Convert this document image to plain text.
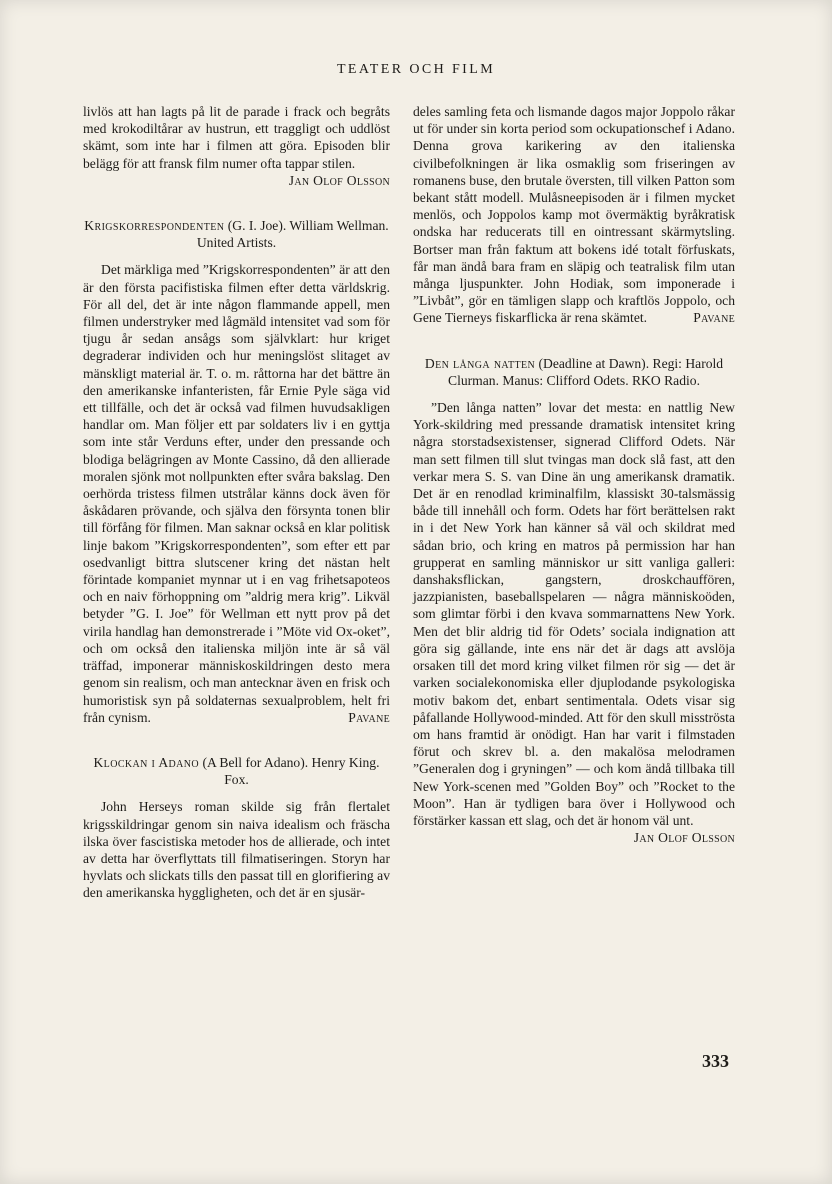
TEATER OCH FILM

livlös att han lagts på lit de parade i frack och begråts med krokodiltårar av hustrun, ett traggligt och uddlöst skämt, som inte har i filmen att göra. Episoden blir belägg för att fransk film numer ofta tappar stilen.

Jan Olof Olsson
Krigskorrespondenten (G. I. Joe). William Wellman. United Artists.

Det märkliga med ”Krigskorrespondenten” är att den är den första pacifistiska filmen efter detta världskrig. För all del, det är inte någon flammande appell, men filmen understryker med lågmäld intensitet vad som för tjugu år sedan ansågs som självklart: hur kriget degraderar individen och hur meningslöst slitaget av mänskligt material är. T. o. m. råttorna har det bättre än den amerikanske infanteristen, får Ernie Pyle säga vid ett tillfälle, och det är också vad filmen huvudsakligen handlar om. Man följer ett par soldaters liv i en gyttja som inte står Verduns efter, under den pressande och blodiga belägringen av Monte Cassino, då den allierade moralen sjönk mot nollpunkten efter svåra bakslag. Den oerhörda tristess filmen utstrålar känns dock även för åskådaren prövande, och själva den försynta tonen blir till förfång för filmen. Man saknar också en klar politisk linje bakom ”Krigskorrespondenten”, som efter ett par osedvanligt bittra slutscener kring det nästan helt förintade kompaniet mynnar ut i en vag frihetsapoteos och en naiv förhoppning om ”aldrig mera krig”. Likväl betyder ”G. I. Joe” för Wellman ett nytt prov på det virila handlag han demonstrerade i ”Möte vid Ox-oket”, och om också den italienska miljön inte är så väl träffad, imponerar människoskildringen desto mera genom sin realism, och man antecknar även en frisk och humoristisk syn på soldaternas sexualproblem, helt fri från cynism.	Pavane

Klockan i Adano (A Bell for Adano). Henry King. Fox.

John Herseys roman skilde sig från flertalet krigsskildringar genom sin naiva idealism och fräscha ilska över fascistiska metoder hos de allierade, och intet av detta har överflyttats till filmatiseringen. Storyn har hyvlats och slickats tills den passat till en glorifiering av den amerikanska hyggligheten, och det är en sjusär-

deles samling feta och lismande dagos major Joppolo råkar ut för under sin korta period som ockupationschef i Adano. Denna grova karikering av den italienska civilbefolkningen är lika osmaklig som friseringen av romanens buse, den brutale översten, till vilken Patton som bekant stått modell. Mulåsneepisoden är i filmen mycket menlös, och Joppolos kamp mot övermäktig byråkratisk ondska har reducerats till en ointressant skärmytsling. Bortser man från faktum att bokens idé totalt förfuskats, får man ändå bara fram en släpig och teatralisk film utan många ljuspunkter. John Hodiak, som imponerade i ”Livbåt”, gör en tämligen slapp och kraftlös Joppolo, och Gene Tierneys fiskarflicka är rena skämtet.	Pavane

Den långa natten (Deadline at Dawn). Regi: Harold Clurman. Manus: Clifford Odets. RKO Radio.

”Den långa natten” lovar det mesta: en nattlig New York-skildring med pressande dramatisk intensitet kring några storstadsexistenser, signerad Clifford Odets. När man sett filmen till slut tvingas man dock slå fast, att den verkar mera S. S. van Dine än ung amerikansk dramatik. Det är en renodlad kriminalfilm, klassiskt 30-talsmässig både till innehåll och form. Odets har fört berättelsen rakt in i det New York han känner så väl och skildrat med sådan brio, och kring en matros på permission har han grupperat en samling människor ur sitt vanliga galleri: danshaksflickan, gangstern, droskchauffören, jazzpianisten, baseballspelaren — några människoöden, som glimtar förbi i den kvava sommarnattens New York. Men det blir aldrig tid för Odets’ sociala indignation att göra sig gällande, inte ens när det är dags att avslöja orsaken till det mord kring vilket filmen rör sig — det är varken socialekonomiska eller djuplodande psykologiska motiv bakom det, enbart sentimentala. Odets visar sig påfallande Hollywood-minded. Att för den skull misströsta om hans framtid är onödigt. Han har varit i filmstaden förut och skrev bl. a. den makalösa melodramen ”Generalen dog i gryningen” — och kom ändå tillbaka till New York-scenen med ”Golden Boy” och ”Rocket to the Moon”. Han är tydligen bara över i Hollywood och förstärker kassan ett slag, och det är honom väl unt.
Jan Olof Olsson

333
